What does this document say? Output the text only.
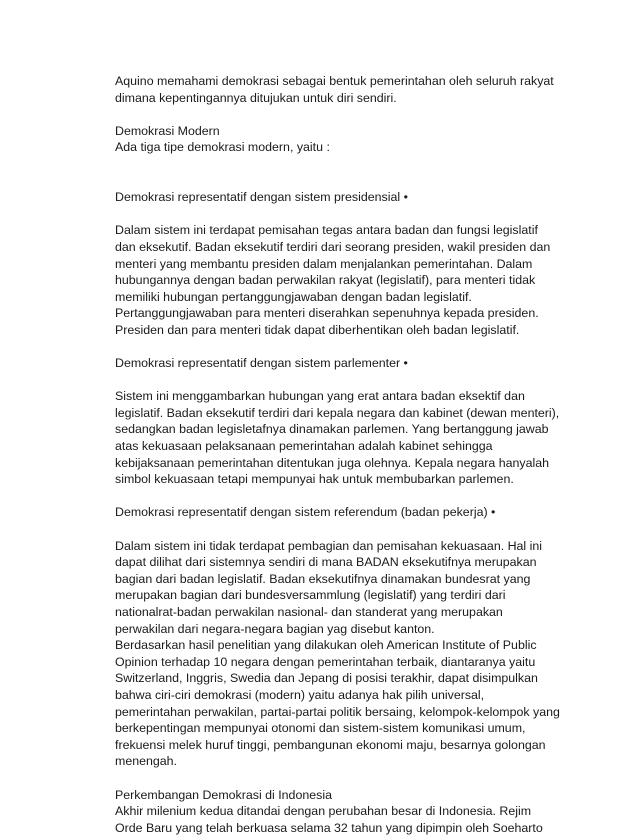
Aquino memahami demokrasi sebagai bentuk pemerintahan oleh seluruh rakyat
dimana kepentingannya ditujukan untuk diri sendiri.
Demokrasi Modern
Ada tiga tipe demokrasi modern, yaitu :
Demokrasi representatif dengan sistem presidensial •
Dalam sistem ini terdapat pemisahan tegas antara badan dan fungsi legislatif
dan eksekutif. Badan eksekutif terdiri dari seorang presiden, wakil presiden dan
menteri yang membantu presiden dalam menjalankan pemerintahan. Dalam
hubungannya dengan badan perwakilan rakyat (legislatif), para menteri tidak
memiliki hubungan pertanggungjawaban dengan badan legislatif.
Pertanggungjawaban para menteri diserahkan sepenuhnya kepada presiden.
Presiden dan para menteri tidak dapat diberhentikan oleh badan legislatif.
Demokrasi representatif dengan sistem parlementer •
Sistem ini menggambarkan hubungan yang erat antara badan eksektif dan
legislatif. Badan eksekutif terdiri dari kepala negara dan kabinet (dewan menteri),
sedangkan badan legisletafnya dinamakan parlemen. Yang bertanggung jawab
atas kekuasaan pelaksanaan pemerintahan adalah kabinet sehingga
kebijaksanaan pemerintahan ditentukan juga olehnya. Kepala negara hanyalah
simbol kekuasaan tetapi mempunyai hak untuk membubarkan parlemen.
Demokrasi representatif dengan sistem referendum (badan pekerja) •
Dalam sistem ini tidak terdapat pembagian dan pemisahan kekuasaan. Hal ini
dapat dilihat dari sistemnya sendiri di mana BADAN eksekutifnya merupakan
bagian dari badan legislatif. Badan eksekutifnya dinamakan bundesrat yang
merupakan bagian dari bundesversammlung (legislatif) yang terdiri dari
nationalrat-badan perwakilan nasional- dan standerat yang merupakan
perwakilan dari negara-negara bagian yag disebut kanton.
Berdasarkan hasil penelitian yang dilakukan oleh American Institute of Public
Opinion terhadap 10 negara dengan pemerintahan terbaik, diantaranya yaitu
Switzerland, Inggris, Swedia dan Jepang di posisi terakhir, dapat disimpulkan
bahwa ciri-ciri demokrasi (modern) yaitu adanya hak pilih universal,
pemerintahan perwakilan, partai-partai politik bersaing, kelompok-kelompok yang
berkepentingan mempunyai otonomi dan sistem-sistem komunikasi umum,
frekuensi melek huruf tinggi, pembangunan ekonomi maju, besarnya golongan
menengah.
Perkembangan Demokrasi di Indonesia
Akhir milenium kedua ditandai dengan perubahan besar di Indonesia. Rejim
Orde Baru yang telah berkuasa selama 32 tahun yang dipimpin oleh Soeharto
